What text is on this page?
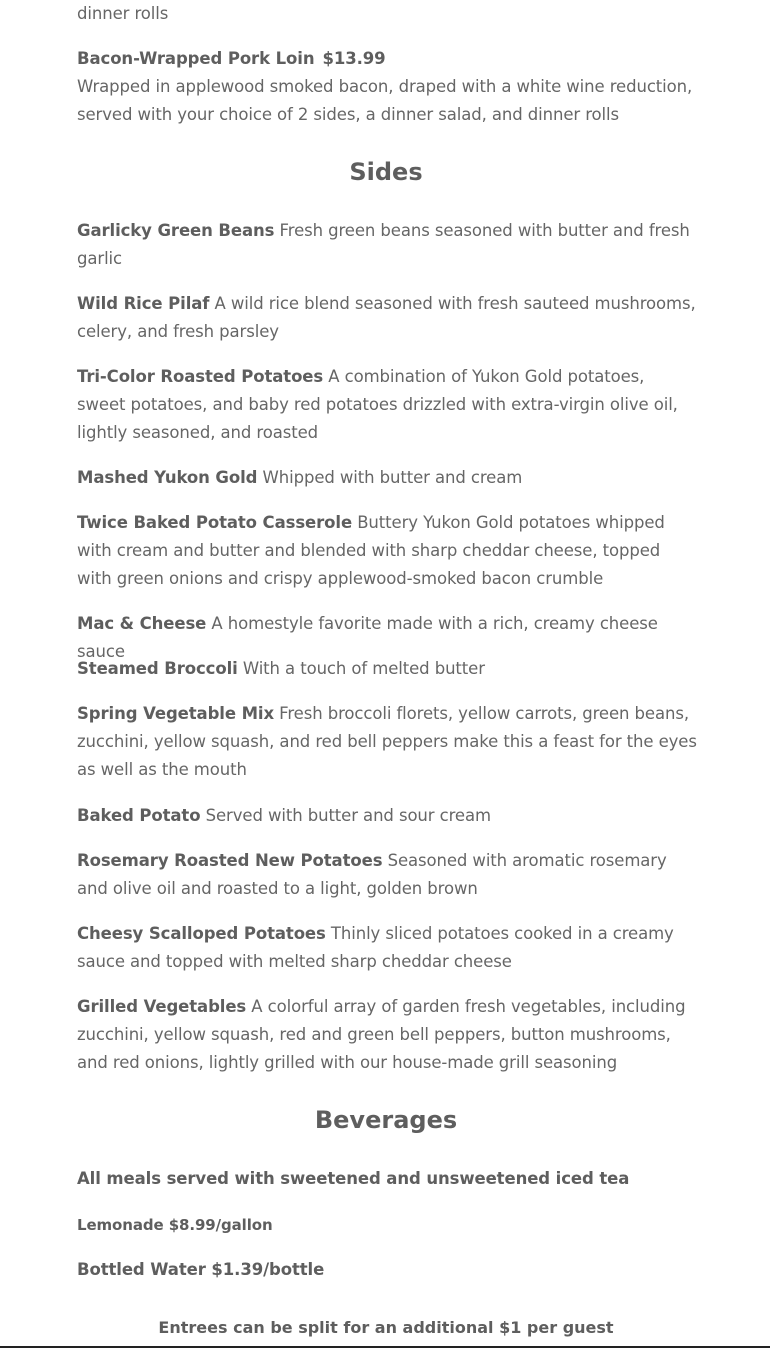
dinner rolls

Bacon-Wrapped Pork Loin $13.99

Wrapped in applewood smoked bacon, draped with a white wine reduction,

served with your choice of 2 sides, a dinner salad, and dinner rolls

Sides

Garlicky Green Beans Fresh green beans seasoned with butter and fresh garlic

Wild Rice Pilaf A wild rice blend seasoned with fresh sauteed mushrooms, celery, and fresh parsley

Tri-Color Roasted Potatoes A combination of Yukon Gold potatoes, sweet potatoes, and baby red potatoes drizzled with extra-virgin olive oil, lightly seasoned, and roasted

Mashed Yukon Gold Whipped with butter and cream

Twice Baked Potato Casserole Buttery Yukon Gold potatoes whipped with cream and butter and blended with sharp cheddar cheese, topped with green onions and crispy applewood-smoked bacon crumble

Mac & Cheese A homestyle favorite made with a rich, creamy cheese sauce

Steamed Broccoli With a touch of melted butter

Spring Vegetable Mix Fresh broccoli florets, yellow carrots, green beans, zucchini, yellow squash, and red bell peppers make this a feast for the eyes as well as the mouth

Baked Potato Served with butter and sour cream

Rosemary Roasted New Potatoes Seasoned with aromatic rosemary and olive oil and roasted to a light, golden brown

Cheesy Scalloped Potatoes Thinly sliced potatoes cooked in a creamy sauce and topped with melted sharp cheddar cheese

Grilled Vegetables A colorful array of garden fresh vegetables, including zucchini, yellow squash, red and green bell peppers, button mushrooms, and red onions, lightly grilled with our house-made grill seasoning

Beverages

All meals served with sweetened and unsweetened iced tea

Lemonade $8.99/gallon

Bottled Water $1.39/bottle

Entrees can be split for an additional $1 per guest
